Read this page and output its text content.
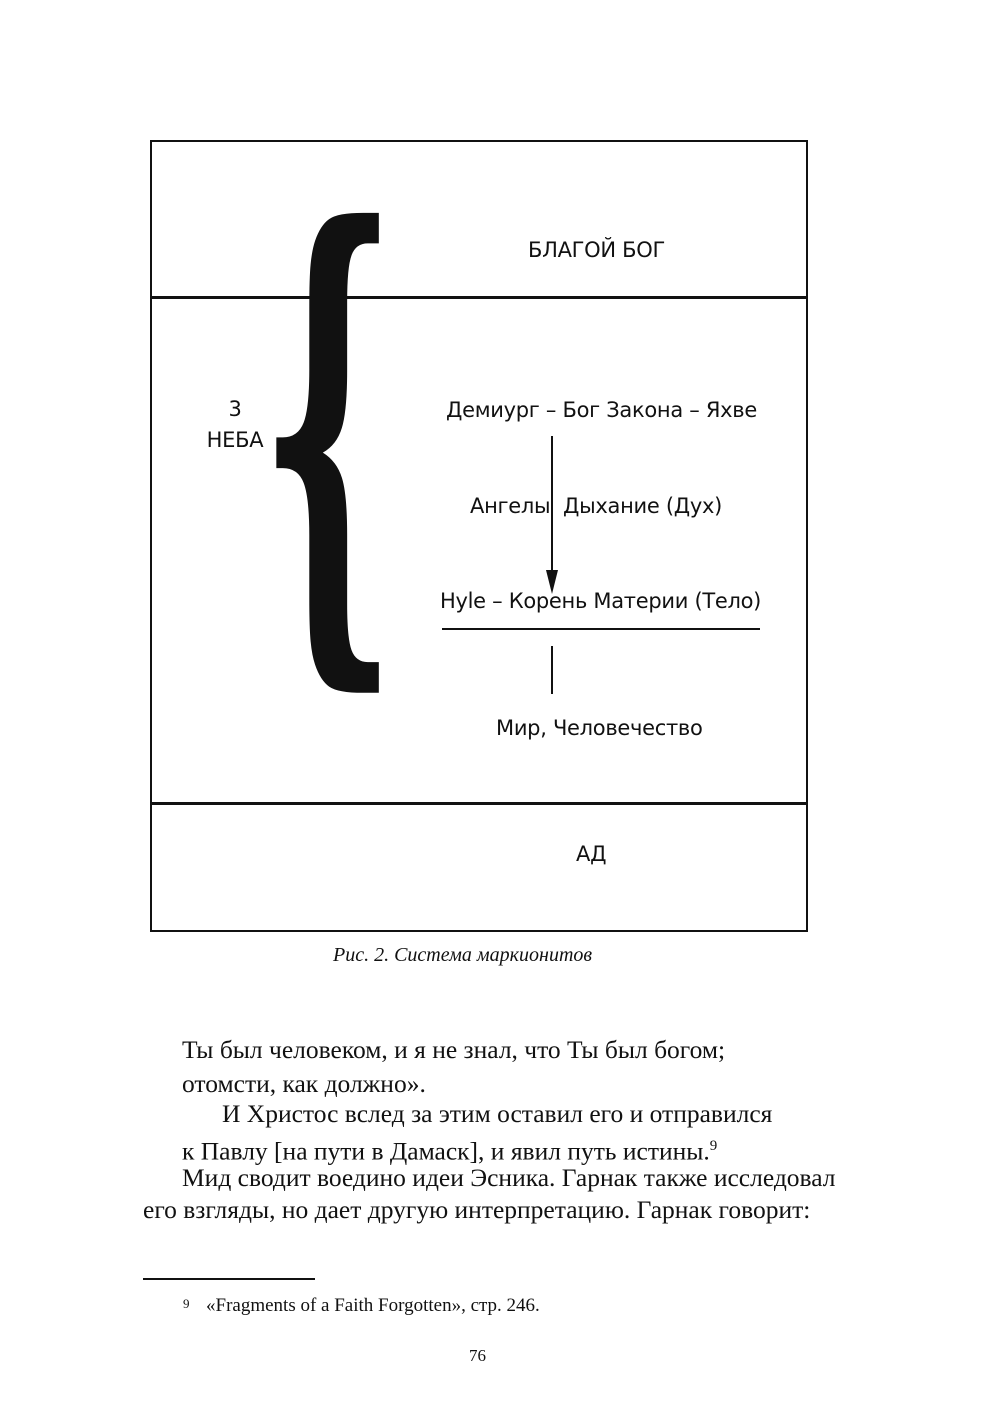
БЛАГОЙ БОГ
{
3
НЕБА
Демиург – Бог Закона – Яхве
Ангелы Дыхание (Дух)
Hyle – Корень Материи (Тело)
Мир, Человечество
АД
Рис. 2. Система маркионитов
Ты был человеком, и я не знал, что Ты был богом;
отомсти, как должно».
И Христос вслед за этим оставил его и отправился
к Павлу [на пути в Дамаск], и явил путь истины.$^9$
Мид сводит воедино идеи Эсника. Гарнак также исследовал
его взгляды, но дает другую интерпретацию. Гарнак говорит:
9 «Fragments of a Faith Forgotten», стр. 246.
76
